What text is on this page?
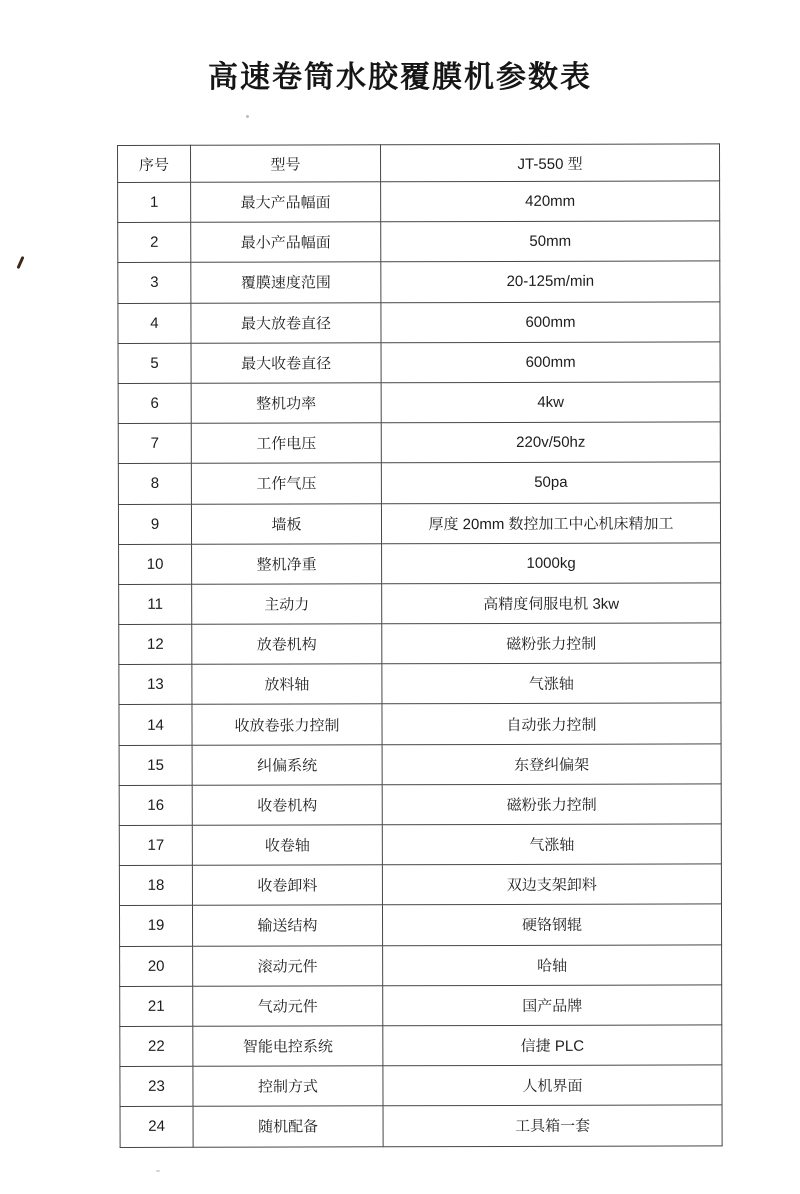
高速卷筒水胶覆膜机参数表
序号	型号	JT-550 型
1	最大产品幅面	420mm
2	最小产品幅面	50mm
3	覆膜速度范围	20-125m/min
4	最大放卷直径	600mm
5	最大收卷直径	600mm
6	整机功率	4kw
7	工作电压	220v/50hz
8	工作气压	50pa
9	墙板	厚度 20mm 数控加工中心机床精加工
10	整机净重	1000kg
11	主动力	高精度伺服电机 3kw
12	放卷机构	磁粉张力控制
13	放料轴	气涨轴
14	收放卷张力控制	自动张力控制
15	纠偏系统	东登纠偏架
16	收卷机构	磁粉张力控制
17	收卷轴	气涨轴
18	收卷卸料	双边支架卸料
19	输送结构	硬铬钢辊
20	滚动元件	哈轴
21	气动元件	国产品牌
22	智能电控系统	信捷 PLC
23	控制方式	人机界面
24	随机配备	工具箱一套
